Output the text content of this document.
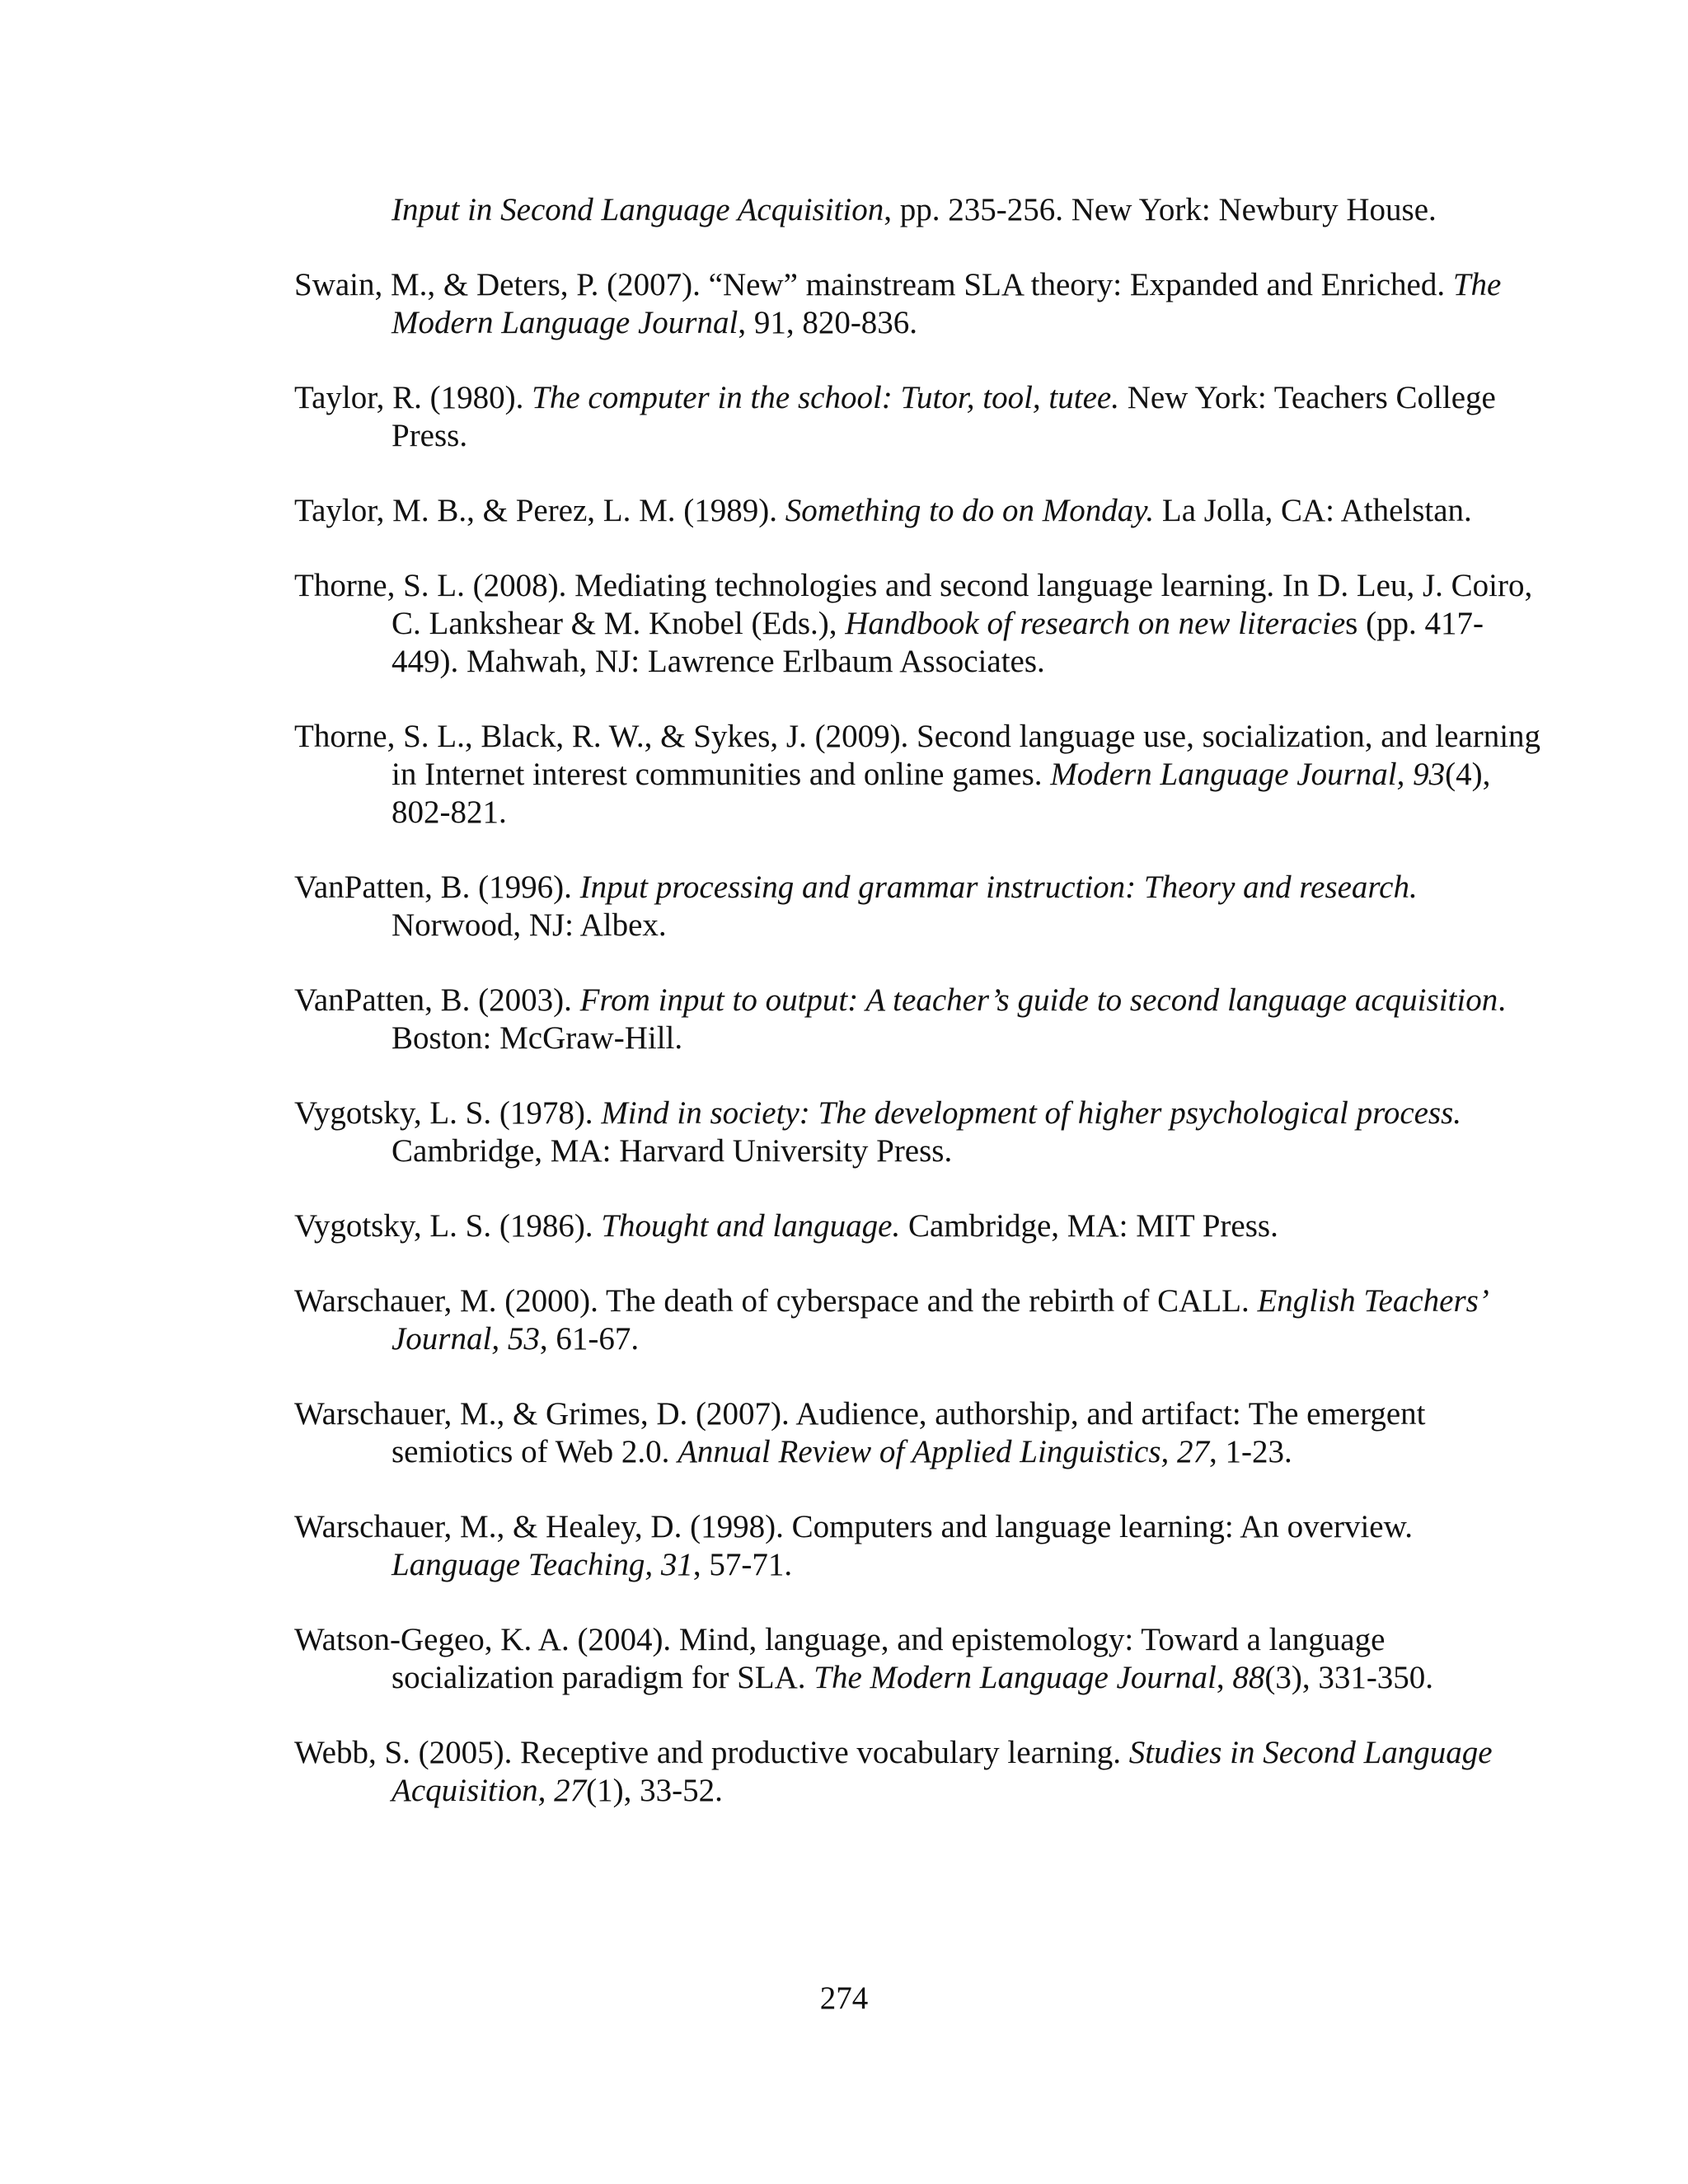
Input in Second Language Acquisition, pp. 235-256. New York: Newbury House.

Swain, M., & Deters, P. (2007). “New” mainstream SLA theory: Expanded and Enriched. The Modern Language Journal, 91, 820-836.

Taylor, R. (1980). The computer in the school: Tutor, tool, tutee. New York: Teachers College Press.

Taylor, M. B., & Perez, L. M. (1989). Something to do on Monday. La Jolla, CA: Athelstan.

Thorne, S. L. (2008). Mediating technologies and second language learning. In D. Leu, J. Coiro, C. Lankshear & M. Knobel (Eds.), Handbook of research on new literacies (pp. 417-449). Mahwah, NJ: Lawrence Erlbaum Associates.

Thorne, S. L., Black, R. W., & Sykes, J. (2009). Second language use, socialization, and learning in Internet interest communities and online games. Modern Language Journal, 93(4), 802-821.

VanPatten, B. (1996). Input processing and grammar instruction: Theory and research. Norwood, NJ: Albex.

VanPatten, B. (2003). From input to output: A teacher’s guide to second language acquisition. Boston: McGraw-Hill.

Vygotsky, L. S. (1978). Mind in society: The development of higher psychological process. Cambridge, MA: Harvard University Press.

Vygotsky, L. S. (1986). Thought and language. Cambridge, MA: MIT Press.

Warschauer, M. (2000). The death of cyberspace and the rebirth of CALL. English Teachers’ Journal, 53, 61-67.

Warschauer, M., & Grimes, D. (2007). Audience, authorship, and artifact: The emergent semiotics of Web 2.0. Annual Review of Applied Linguistics, 27, 1-23.

Warschauer, M., & Healey, D. (1998). Computers and language learning: An overview. Language Teaching, 31, 57-71.

Watson-Gegeo, K. A. (2004). Mind, language, and epistemology: Toward a language socialization paradigm for SLA. The Modern Language Journal, 88(3), 331-350.

Webb, S. (2005). Receptive and productive vocabulary learning. Studies in Second Language Acquisition, 27(1), 33-52.

274
